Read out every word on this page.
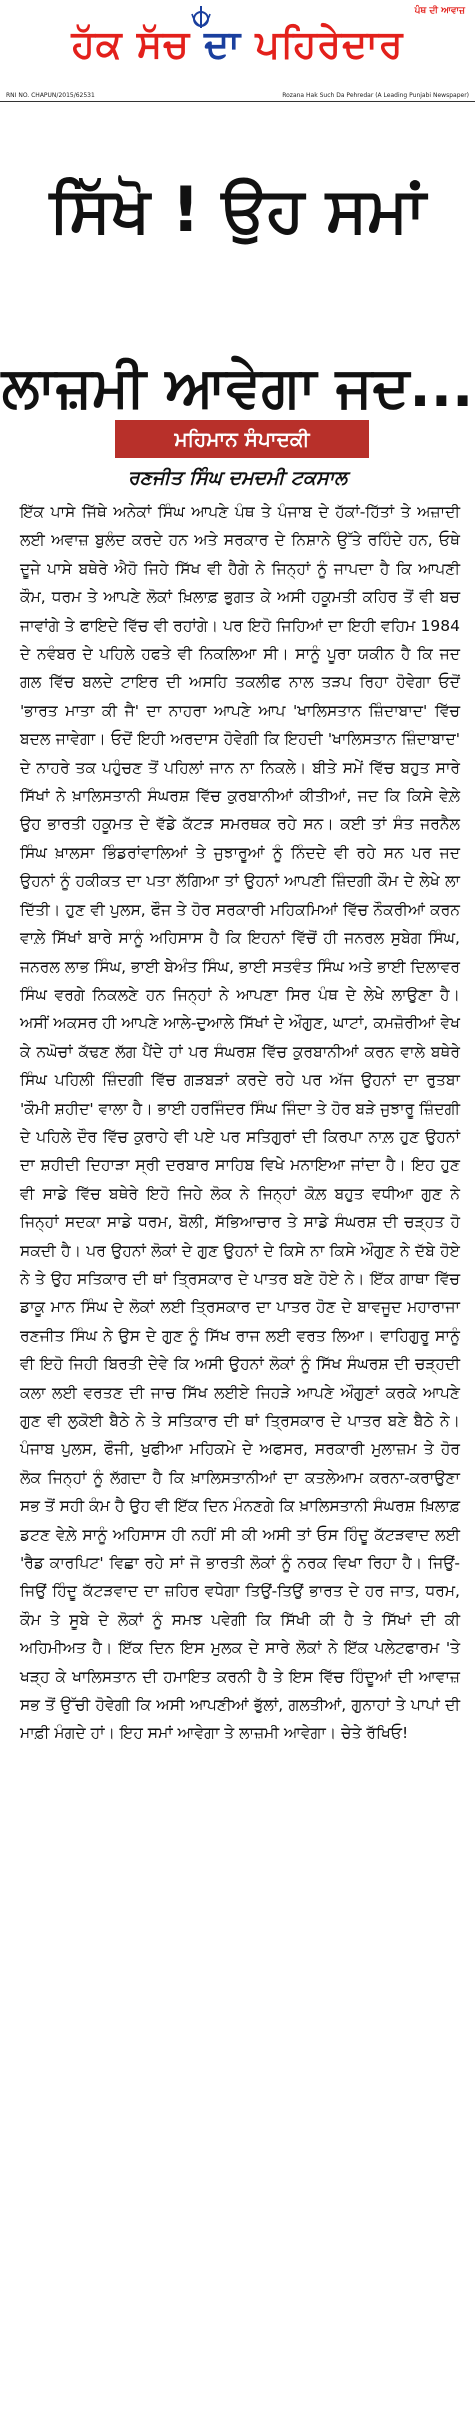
ਹੱਕ ਸੱਚ ਦਾ ਪਹਿਰੇਦਾਰ
ਪੰਥ ਦੀ ਆਵਾਜ਼
RNI NO. CHAPUN/2015/62531	Rozana Hak Such Da Pehredar (A Leading Punjabi Newspaper)
ਸਿੱਖੋ ! ਉਹ ਸਮਾਂ
ਲਾਜ਼ਮੀ ਆਵੇਗਾ ਜਦ...
ਮਹਿਮਾਨ ਸੰਪਾਦਕੀ
ਰਣਜੀਤ ਸਿੰਘ ਦਮਦਮੀ ਟਕਸਾਲ

ਇੱਕ ਪਾਸੇ ਜਿੱਥੇ ਅਨੇਕਾਂ ਸਿੰਘ ਆਪਣੇ ਪੰਥ ਤੇ ਪੰਜਾਬ ਦੇ ਹੱਕਾਂ-ਹਿੱਤਾਂ ਤੇ ਅਜ਼ਾਦੀ ਲਈ ਅਵਾਜ਼ ਬੁਲੰਦ ਕਰਦੇ ਹਨ ਅਤੇ ਸਰਕਾਰ ਦੇ ਨਿਸ਼ਾਨੇ ਉੱਤੇ ਰਹਿੰਦੇ ਹਨ, ਓਥੇ ਦੂਜੇ ਪਾਸੇ ਬਥੇਰੇ ਐਹੋ ਜਿਹੇ ਸਿੱਖ ਵੀ ਹੈਗੇ ਨੇ ਜਿਨ੍ਹਾਂ ਨੂੰ ਜਾਪਦਾ ਹੈ ਕਿ ਆਪਣੀ ਕੌਮ, ਧਰਮ ਤੇ ਆਪਣੇ ਲੋਕਾਂ ਖ਼ਿਲਾਫ਼ ਭੁਗਤ ਕੇ ਅਸੀ ਹਕੂਮਤੀ ਕਹਿਰ ਤੋਂ ਵੀ ਬਚ ਜਾਵਾਂਗੇ ਤੇ ਫਾਇਦੇ ਵਿੱਚ ਵੀ ਰਹਾਂਗੇ। ਪਰ ਇਹੋ ਜਿਹਿਆਂ ਦਾ ਇਹੀ ਵਹਿਮ 1984 ਦੇ ਨਵੰਬਰ ਦੇ ਪਹਿਲੇ ਹਫਤੇ ਵੀ ਨਿਕਲਿਆ ਸੀ। ਸਾਨੂੰ ਪੂਰਾ ਯਕੀਨ ਹੈ ਕਿ ਜਦ ਗਲ ਵਿੱਚ ਬਲਦੇ ਟਾਇਰ ਦੀ ਅਸਹਿ ਤਕਲੀਫ ਨਾਲ ਤੜਪ ਰਿਹਾ ਹੋਵੇਗਾ ਓਦੋਂ 'ਭਾਰਤ ਮਾਤਾ ਕੀ ਜੈ' ਦਾ ਨਾਹਰਾ ਆਪਣੇ ਆਪ 'ਖਾਲਿਸਤਾਨ ਜ਼ਿੰਦਾਬਾਦ' ਵਿੱਚ ਬਦਲ ਜਾਵੇਗਾ। ਓਦੋਂ ਇਹੀ ਅਰਦਾਸ ਹੋਵੇਗੀ ਕਿ ਇਹਦੀ 'ਖਾਲਿਸਤਾਨ ਜ਼ਿੰਦਾਬਾਦ' ਦੇ ਨਾਹਰੇ ਤਕ ਪਹੁੰਚਣ ਤੋਂ ਪਹਿਲਾਂ ਜਾਨ ਨਾ ਨਿਕਲੇ। ਬੀਤੇ ਸਮੇਂ ਵਿੱਚ ਬਹੁਤ ਸਾਰੇ ਸਿੱਖਾਂ ਨੇ ਖ਼ਾਲਿਸਤਾਨੀ ਸੰਘਰਸ਼ ਵਿੱਚ ਕੁਰਬਾਨੀਆਂ ਕੀਤੀਆਂ, ਜਦ ਕਿ ਕਿਸੇ ਵੇਲ਼ੇ ਉਹ ਭਾਰਤੀ ਹਕੂਮਤ ਦੇ ਵੱਡੇ ਕੱਟੜ ਸਮਰਥਕ ਰਹੇ ਸਨ। ਕਈ ਤਾਂ ਸੰਤ ਜਰਨੈਲ ਸਿੰਘ ਖ਼ਾਲਸਾ ਭਿੰਡਰਾਂਵਾਲਿਆਂ ਤੇ ਜੁਝਾਰੂਆਂ ਨੂੰ ਨਿੰਦਦੇ ਵੀ ਰਹੇ ਸਨ ਪਰ ਜਦ ਉਹਨਾਂ ਨੂੰ ਹਕੀਕਤ ਦਾ ਪਤਾ ਲੱਗਿਆ ਤਾਂ ਉਹਨਾਂ ਆਪਣੀ ਜ਼ਿੰਦਗੀ ਕੌਮ ਦੇ ਲੇਖੇ ਲਾ ਦਿੱਤੀ। ਹੁਣ ਵੀ ਪੁਲਸ, ਫੌਜ ਤੇ ਹੋਰ ਸਰਕਾਰੀ ਮਹਿਕਮਿਆਂ ਵਿੱਚ ਨੌਕਰੀਆਂ ਕਰਨ ਵਾਲ਼ੇ ਸਿੱਖਾਂ ਬਾਰੇ ਸਾਨੂੰ ਅਹਿਸਾਸ ਹੈ ਕਿ ਇਹਨਾਂ ਵਿੱਚੋਂ ਹੀ ਜਨਰਲ ਸੁਬੇਗ ਸਿੰਘ, ਜਨਰਲ ਲਾਭ ਸਿੰਘ, ਭਾਈ ਬੇਅੰਤ ਸਿੰਘ, ਭਾਈ ਸਤਵੰਤ ਸਿੰਘ ਅਤੇ ਭਾਈ ਦਿਲਾਵਰ ਸਿੰਘ ਵਰਗੇ ਨਿਕਲਣੇ ਹਨ ਜਿਨ੍ਹਾਂ ਨੇ ਆਪਣਾ ਸਿਰ ਪੰਥ ਦੇ ਲੇਖੇ ਲਾਉਣਾ ਹੈ। ਅਸੀਂ ਅਕਸਰ ਹੀ ਆਪਣੇ ਆਲੇ-ਦੁਆਲੇ ਸਿੱਖਾਂ ਦੇ ਔਗੁਣ, ਘਾਟਾਂ, ਕਮਜ਼ੋਰੀਆਂ ਵੇਖ ਕੇ ਨਘੋਚਾਂ ਕੱਢਣ ਲੱਗ ਪੈਂਦੇ ਹਾਂ ਪਰ ਸੰਘਰਸ਼ ਵਿੱਚ ਕੁਰਬਾਨੀਆਂ ਕਰਨ ਵਾਲੇ ਬਥੇਰੇ ਸਿੰਘ ਪਹਿਲੀ ਜ਼ਿੰਦਗੀ ਵਿੱਚ ਗੜਬੜਾਂ ਕਰਦੇ ਰਹੇ ਪਰ ਅੱਜ ਉਹਨਾਂ ਦਾ ਰੁਤਬਾ 'ਕੌਮੀ ਸ਼ਹੀਦ' ਵਾਲਾ ਹੈ। ਭਾਈ ਹਰਜਿੰਦਰ ਸਿੰਘ ਜਿੰਦਾ ਤੇ ਹੋਰ ਬੜੇ ਜੁਝਾਰੂ ਜ਼ਿੰਦਗੀ ਦੇ ਪਹਿਲੇ ਦੌਰ ਵਿੱਚ ਕੁਰਾਹੇ ਵੀ ਪਏ ਪਰ ਸਤਿਗੁਰਾਂ ਦੀ ਕਿਰਪਾ ਨਾਲ਼ ਹੁਣ ਉਹਨਾਂ ਦਾ ਸ਼ਹੀਦੀ ਦਿਹਾੜਾ ਸ੍ਰੀ ਦਰਬਾਰ ਸਾਹਿਬ ਵਿਖੇ ਮਨਾਇਆ ਜਾਂਦਾ ਹੈ। ਇਹ ਹੁਣ ਵੀ ਸਾਡੇ ਵਿੱਚ ਬਥੇਰੇ ਇਹੋ ਜਿਹੇ ਲੋਕ ਨੇ ਜਿਨ੍ਹਾਂ ਕੋਲ਼ ਬਹੁਤ ਵਧੀਆ ਗੁਣ ਨੇ ਜਿਨ੍ਹਾਂ ਸਦਕਾ ਸਾਡੇ ਧਰਮ, ਬੋਲੀ, ਸੱਭਿਆਚਾਰ ਤੇ ਸਾਡੇ ਸੰਘਰਸ਼ ਦੀ ਚੜ੍ਹਤ ਹੋ ਸਕਦੀ ਹੈ। ਪਰ ਉਹਨਾਂ ਲੋਕਾਂ ਦੇ ਗੁਣ ਉਹਨਾਂ ਦੇ ਕਿਸੇ ਨਾ ਕਿਸੇ ਔਗੁਣ ਨੇ ਦੱਬੇ ਹੋਏ ਨੇ ਤੇ ਉਹ ਸਤਿਕਾਰ ਦੀ ਥਾਂ ਤ੍ਰਿਸਕਾਰ ਦੇ ਪਾਤਰ ਬਣੇ ਹੋਏ ਨੇ। ਇੱਕ ਗਾਥਾ ਵਿੱਚ ਡਾਕੂ ਮਾਨ ਸਿੰਘ ਦੇ ਲੋਕਾਂ ਲਈ ਤ੍ਰਿਸਕਾਰ ਦਾ ਪਾਤਰ ਹੋਣ ਦੇ ਬਾਵਜੂਦ ਮਹਾਰਾਜਾ ਰਣਜੀਤ ਸਿੰਘ ਨੇ ਉਸ ਦੇ ਗੁਣ ਨੂੰ ਸਿੱਖ ਰਾਜ ਲਈ ਵਰਤ ਲਿਆ। ਵਾਹਿਗੁਰੂ ਸਾਨੂੰ ਵੀ ਇਹੋ ਜਿਹੀ ਬਿਰਤੀ ਦੇਵੇ ਕਿ ਅਸੀ ਉਹਨਾਂ ਲੋਕਾਂ ਨੂੰ ਸਿੱਖ ਸੰਘਰਸ਼ ਦੀ ਚੜ੍ਹਦੀ ਕਲਾ ਲਈ ਵਰਤਣ ਦੀ ਜਾਚ ਸਿੱਖ ਲਈਏ ਜਿਹੜੇ ਆਪਣੇ ਔਗੁਣਾਂ ਕਰਕੇ ਆਪਣੇ ਗੁਣ ਵੀ ਲੁਕੋਈ ਬੈਠੇ ਨੇ ਤੇ ਸਤਿਕਾਰ ਦੀ ਥਾਂ ਤ੍ਰਿਸਕਾਰ ਦੇ ਪਾਤਰ ਬਣੇ ਬੈਠੇ ਨੇ। ਪੰਜਾਬ ਪੁਲਸ, ਫੌਜੀ, ਖੁਫੀਆ ਮਹਿਕਮੇ ਦੇ ਅਫਸਰ, ਸਰਕਾਰੀ ਮੁਲਾਜ਼ਮ ਤੇ ਹੋਰ ਲੋਕ ਜਿਨ੍ਹਾਂ ਨੂੰ ਲੱਗਦਾ ਹੈ ਕਿ ਖ਼ਾਲਿਸਤਾਨੀਆਂ ਦਾ ਕਤਲੇਆਮ ਕਰਨਾ-ਕਰਾਉਣਾ ਸਭ ਤੋਂ ਸਹੀ ਕੰਮ ਹੈ ਉਹ ਵੀ ਇੱਕ ਦਿਨ ਮੰਨਣਗੇ ਕਿ ਖ਼ਾਲਿਸਤਾਨੀ ਸੰਘਰਸ਼ ਖ਼ਿਲਾਫ਼ ਡਟਣ ਵੇਲ਼ੇ ਸਾਨੂੰ ਅਹਿਸਾਸ ਹੀ ਨਹੀਂ ਸੀ ਕੀ ਅਸੀ ਤਾਂ ਓਸ ਹਿੰਦੂ ਕੱਟੜਵਾਦ ਲਈ 'ਰੈਡ ਕਾਰਪਿਟ' ਵਿਛਾ ਰਹੇ ਸਾਂ ਜੋ ਭਾਰਤੀ ਲੋਕਾਂ ਨੂੰ ਨਰਕ ਵਿਖਾ ਰਿਹਾ ਹੈ। ਜਿਉਂ-ਜਿਉਂ ਹਿੰਦੂ ਕੱਟੜਵਾਦ ਦਾ ਜ਼ਹਿਰ ਵਧੇਗਾ ਤਿਉਂ-ਤਿਉਂ ਭਾਰਤ ਦੇ ਹਰ ਜਾਤ, ਧਰਮ, ਕੌਮ ਤੇ ਸੂਬੇ ਦੇ ਲੋਕਾਂ ਨੂੰ ਸਮਝ ਪਵੇਗੀ ਕਿ ਸਿੱਖੀ ਕੀ ਹੈ ਤੇ ਸਿੱਖਾਂ ਦੀ ਕੀ ਅਹਿਮੀਅਤ ਹੈ। ਇੱਕ ਦਿਨ ਇਸ ਮੁਲਕ ਦੇ ਸਾਰੇ ਲੋਕਾਂ ਨੇ ਇੱਕ ਪਲੇਟਫਾਰਮ 'ਤੇ ਖੜ੍ਹ ਕੇ ਖਾਲਿਸਤਾਨ ਦੀ ਹਮਾਇਤ ਕਰਨੀ ਹੈ ਤੇ ਇਸ ਵਿੱਚ ਹਿੰਦੂਆਂ ਦੀ ਆਵਾਜ਼ ਸਭ ਤੋਂ ਉੱਚੀ ਹੋਵੇਗੀ ਕਿ ਅਸੀ ਆਪਣੀਆਂ ਭੁੱਲਾਂ, ਗਲਤੀਆਂ, ਗੁਨਾਹਾਂ ਤੇ ਪਾਪਾਂ ਦੀ ਮਾਫ਼ੀ ਮੰਗਦੇ ਹਾਂ। ਇਹ ਸਮਾਂ ਆਵੇਗਾ ਤੇ ਲਾਜ਼ਮੀ ਆਵੇਗਾ। ਚੇਤੇ ਰੱਖਿਓ!
